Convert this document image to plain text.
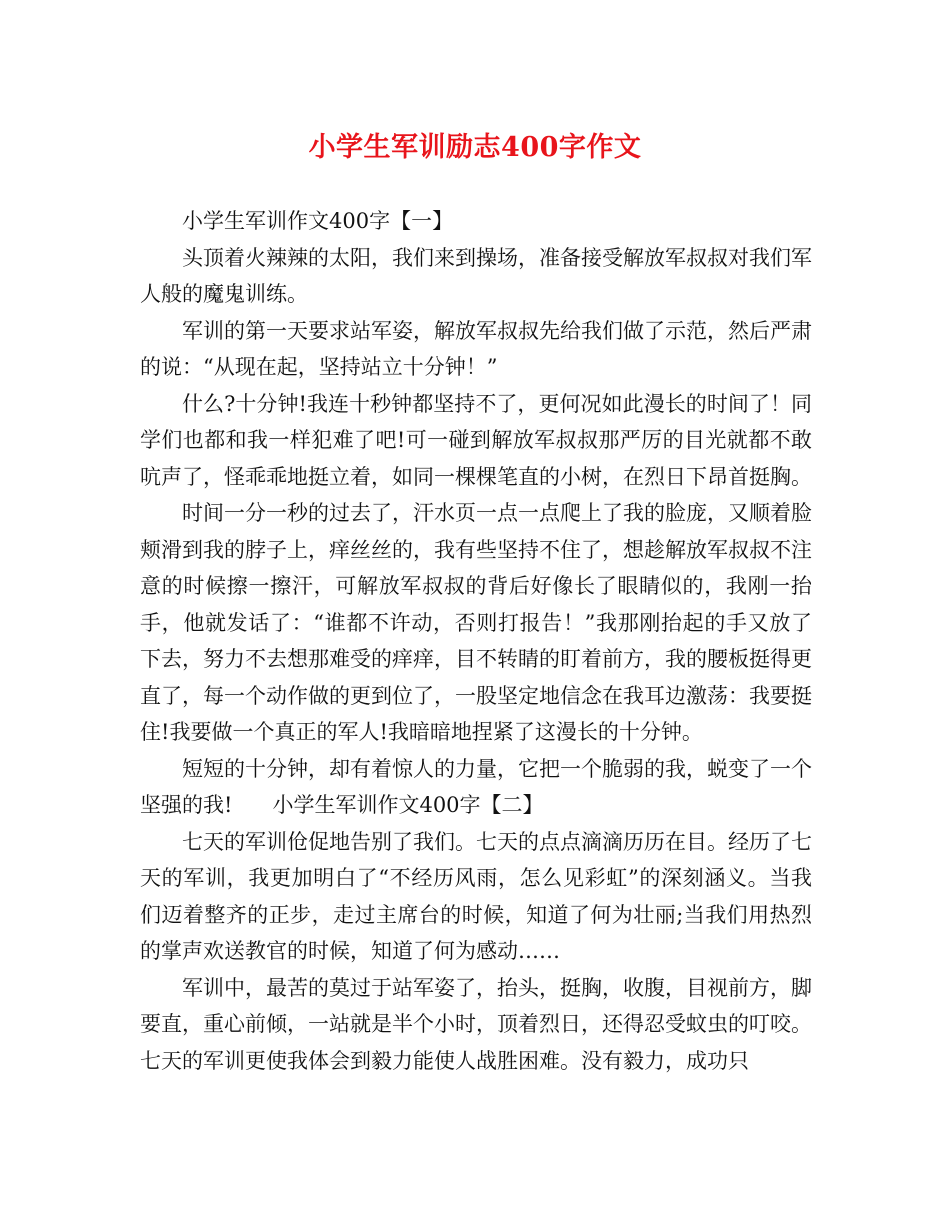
小学生军训励志400字作文

小学生军训作文400字【一】

头顶着火辣辣的太阳，我们来到操场，准备接受解放军叔叔对我们军人般的魔鬼训练。

军训的第一天要求站军姿，解放军叔叔先给我们做了示范，然后严肃的说：“从现在起，坚持站立十分钟！”

什么?十分钟!我连十秒钟都坚持不了，更何况如此漫长的时间了！同学们也都和我一样犯难了吧!可一碰到解放军叔叔那严厉的目光就都不敢吭声了，怪乖乖地挺立着，如同一棵棵笔直的小树，在烈日下昂首挺胸。

时间一分一秒的过去了，汗水页一点一点爬上了我的脸庞，又顺着脸颊滑到我的脖子上，痒丝丝的，我有些坚持不住了，想趁解放军叔叔不注意的时候擦一擦汗，可解放军叔叔的背后好像长了眼睛似的，我刚一抬手，他就发话了：“谁都不许动，否则打报告！”我那刚抬起的手又放了下去，努力不去想那难受的痒痒，目不转睛的盯着前方，我的腰板挺得更直了，每一个动作做的更到位了，一股坚定地信念在我耳边激荡：我要挺住!我要做一个真正的军人!我暗暗地捏紧了这漫长的十分钟。

短短的十分钟，却有着惊人的力量，它把一个脆弱的我，蜕变了一个坚强的我! 小学生军训作文400字【二】

七天的军训伧促地告别了我们。七天的点点滴滴历历在目。经历了七天的军训，我更加明白了“不经历风雨，怎么见彩虹”的深刻涵义。当我们迈着整齐的正步，走过主席台的时候，知道了何为壮丽;当我们用热烈的掌声欢送教官的时候，知道了何为感动……

军训中，最苦的莫过于站军姿了，抬头，挺胸，收腹，目视前方，脚要直，重心前倾，一站就是半个小时，顶着烈日，还得忍受蚊虫的叮咬。七天的军训更使我体会到毅力能使人战胜困难。没有毅力，成功只
